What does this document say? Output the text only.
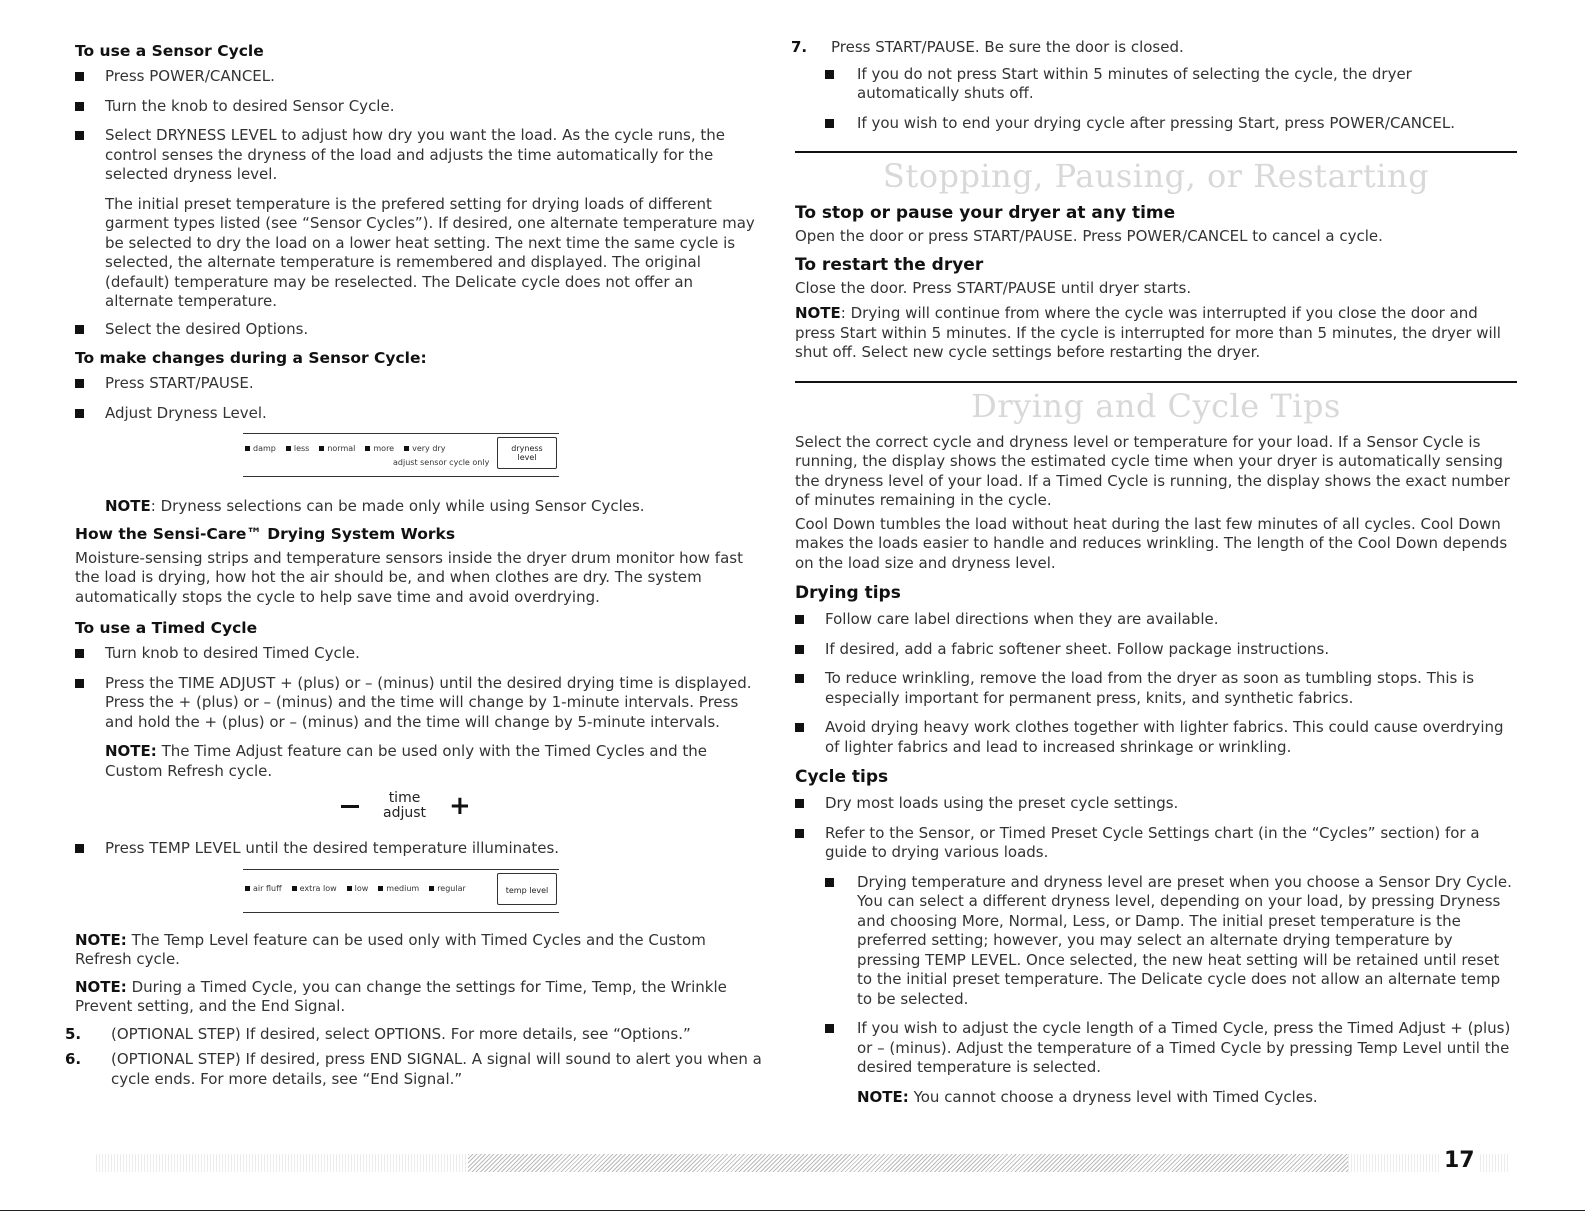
To use a Sensor Cycle
Press POWER/CANCEL.
Turn the knob to desired Sensor Cycle.
Select DRYNESS LEVEL to adjust how dry you want the load. As the cycle runs, the control senses the dryness of the load and adjusts the time automatically for the selected dryness level.
The initial preset temperature is the prefered setting for drying loads of different garment types listed (see “Sensor Cycles”). If desired, one alternate temperature may be selected to dry the load on a lower heat setting. The next time the same cycle is selected, the alternate temperature is remembered and displayed. The original (default) temperature may be reselected. The Delicate cycle does not offer an alternate temperature.
Select the desired Options.
To make changes during a Sensor Cycle:
Press START/PAUSE.
Adjust Dryness Level.
damp less normal more very dry
adjust sensor cycle only
dryness
level
NOTE: Dryness selections can be made only while using Sensor Cycles.
How the Sensi-Care™ Drying System Works
Moisture-sensing strips and temperature sensors inside the dryer drum monitor how fast the load is drying, how hot the air should be, and when clothes are dry. The system automatically stops the cycle to help save time and avoid overdrying.
To use a Timed Cycle
Turn knob to desired Timed Cycle.
Press the TIME ADJUST + (plus) or – (minus) until the desired drying time is displayed. Press the + (plus) or – (minus) and the time will change by 1-minute intervals. Press and hold the + (plus) or – (minus) and the time will change by 5-minute intervals.
NOTE: The Time Adjust feature can be used only with the Timed Cycles and the Custom Refresh cycle.
time
adjust +
Press TEMP LEVEL until the desired temperature illuminates.
air fluff extra low low medium regular	temp level
NOTE: The Temp Level feature can be used only with Timed Cycles and the Custom Refresh cycle.
NOTE: During a Timed Cycle, you can change the settings for Time, Temp, the Wrinkle Prevent setting, and the End Signal.
5. (OPTIONAL STEP) If desired, select OPTIONS. For more details, see “Options.”
6. (OPTIONAL STEP) If desired, press END SIGNAL. A signal will sound to alert you when a cycle ends. For more details, see “End Signal.”
7. Press START/PAUSE. Be sure the door is closed.
If you do not press Start within 5 minutes of selecting the cycle, the dryer automatically shuts off.
If you wish to end your drying cycle after pressing Start, press POWER/CANCEL.
Stopping, Pausing, or Restarting
To stop or pause your dryer at any time
Open the door or press START/PAUSE. Press POWER/CANCEL to cancel a cycle.
To restart the dryer
Close the door. Press START/PAUSE until dryer starts.
NOTE: Drying will continue from where the cycle was interrupted if you close the door and press Start within 5 minutes. If the cycle is interrupted for more than 5 minutes, the dryer will shut off. Select new cycle settings before restarting the dryer.
Drying and Cycle Tips
Select the correct cycle and dryness level or temperature for your load. If a Sensor Cycle is running, the display shows the estimated cycle time when your dryer is automatically sensing the dryness level of your load. If a Timed Cycle is running, the display shows the exact number of minutes remaining in the cycle.
Cool Down tumbles the load without heat during the last few minutes of all cycles. Cool Down makes the loads easier to handle and reduces wrinkling. The length of the Cool Down depends on the load size and dryness level.
Drying tips
Follow care label directions when they are available.
If desired, add a fabric softener sheet. Follow package instructions.
To reduce wrinkling, remove the load from the dryer as soon as tumbling stops. This is especially important for permanent press, knits, and synthetic fabrics.
Avoid drying heavy work clothes together with lighter fabrics. This could cause overdrying of lighter fabrics and lead to increased shrinkage or wrinkling.
Cycle tips
Dry most loads using the preset cycle settings.
Refer to the Sensor, or Timed Preset Cycle Settings chart (in the “Cycles” section) for a guide to drying various loads.
Drying temperature and dryness level are preset when you choose a Sensor Dry Cycle. You can select a different dryness level, depending on your load, by pressing Dryness and choosing More, Normal, Less, or Damp. The initial preset temperature is the preferred setting; however, you may select an alternate drying temperature by pressing TEMP LEVEL. Once selected, the new heat setting will be retained until reset to the initial preset temperature. The Delicate cycle does not allow an alternate temp to be selected.
If you wish to adjust the cycle length of a Timed Cycle, press the Timed Adjust + (plus) or – (minus). Adjust the temperature of a Timed Cycle by pressing Temp Level until the desired temperature is selected.
NOTE: You cannot choose a dryness level with Timed Cycles.
17
